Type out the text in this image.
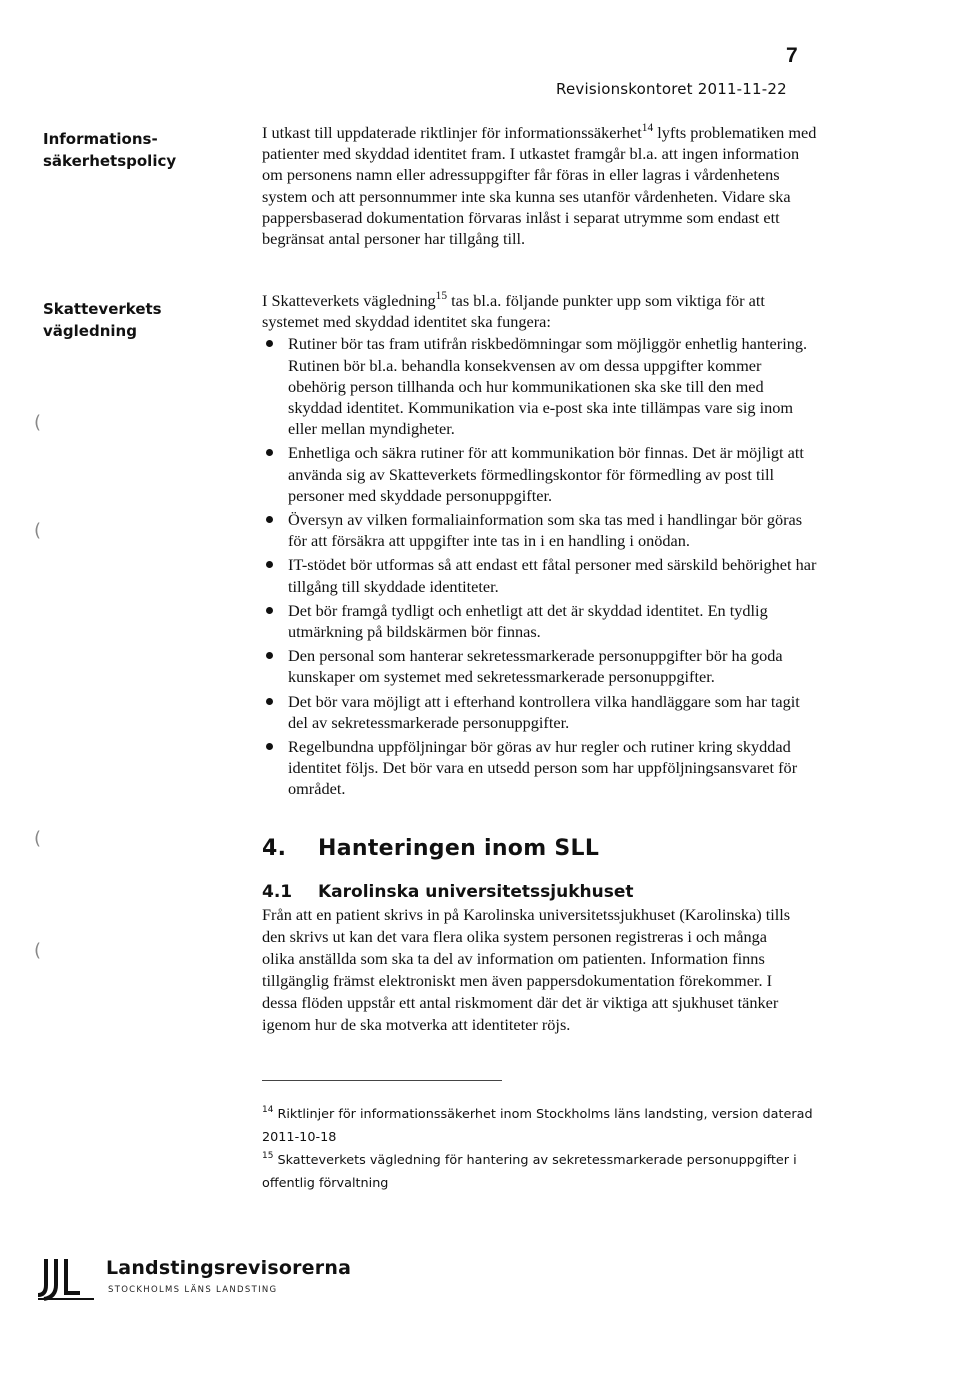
7
Revisionskontoret 2011-11-22
Informations-
säkerhetspolicy

I utkast till uppdaterade riktlinjer för informationssäkerhet$^{14}$ lyfts problematiken med patienter med skyddad identitet fram. I utkastet framgår bl.a. att ingen information om personens namn eller adressuppgifter får föras in eller lagras i vårdenhetens system och att personnummer inte ska kunna ses utanför vårdenheten. Vidare ska pappersbaserad dokumentation förvaras inlåst i separat utrymme som endast ett begränsat antal personer har tillgång till.

Skatteverkets
vägledning

I Skatteverkets vägledning$^{15}$ tas bl.a. följande punkter upp som viktiga för att systemet med skyddad identitet ska fungera:

Rutiner bör tas fram utifrån riskbedömningar som möjliggör enhetlig hantering. Rutinen bör bl.a. behandla konsekvensen av om dessa uppgifter kommer obehörig person tillhanda och hur kommunikationen ska ske till den med skyddad identitet. Kommunikation via e-post ska inte tillämpas vare sig inom eller mellan myndigheter.
Enhetliga och säkra rutiner för att kommunikation bör finnas. Det är möjligt att använda sig av Skatteverkets förmedlingskontor för förmedling av post till personer med skyddade personuppgifter.
Översyn av vilken formaliainformation som ska tas med i handlingar bör göras för att försäkra att uppgifter inte tas in i en handling i onödan.
IT-stödet bör utformas så att endast ett fåtal personer med särskild behörighet har tillgång till skyddade identiteter.
Det bör framgå tydligt och enhetligt att det är skyddad identitet. En tydlig utmärkning på bildskärmen bör finnas.
Den personal som hanterar sekretessmarkerade personuppgifter bör ha goda kunskaper om systemet med sekretessmarkerade personuppgifter.
Det bör vara möjligt att i efterhand kontrollera vilka handläggare som har tagit del av sekretessmarkerade personuppgifter.
Regelbundna uppföljningar bör göras av hur regler och rutiner kring skyddad identitet följs. Det bör vara en utsedd person som har uppföljningsansvaret för området.
4. Hanteringen inom SLL
4.1 Karolinska universitetssjukhuset

Från att en patient skrivs in på Karolinska universitetssjukhuset (Karolinska) tills den skrivs ut kan det vara flera olika system personen registreras i och många olika anställda som ska ta del av information om patienten. Information finns tillgänglig främst elektroniskt men även pappersdokumentation förekommer. I dessa flöden uppstår ett antal riskmoment där det är viktiga att sjukhuset tänker igenom hur de ska motverka att identiteter röjs.

$^{14}$ Riktlinjer för informationssäkerhet inom Stockholms läns landsting, version daterad 2011-10-18

$^{15}$ Skatteverkets vägledning för hantering av sekretessmarkerade personuppgifter i offentlig förvaltning

(
(
(
(
Landstingsrevisorerna
STOCKHOLMS LÄNS LANDSTING
